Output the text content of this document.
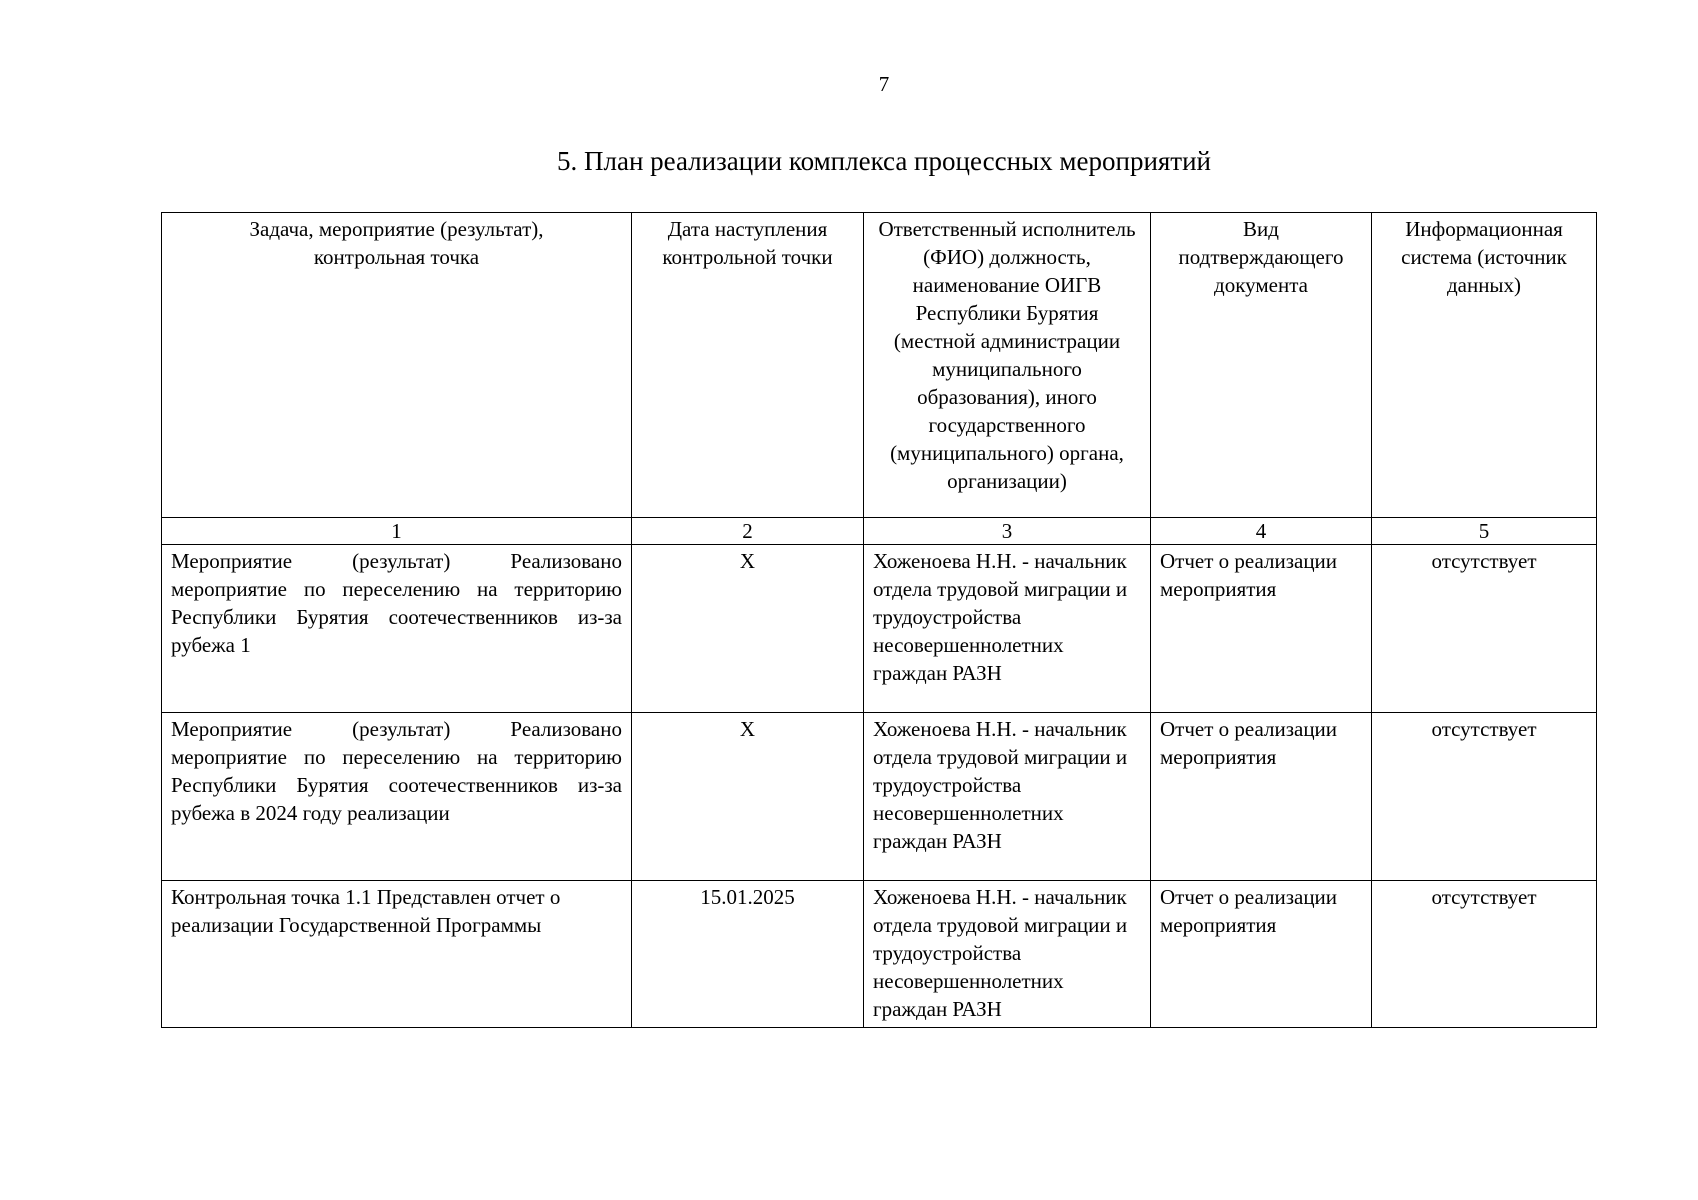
7
5. План реализации комплекса процессных мероприятий
Задача, мероприятие (результат), контрольная точка	Дата наступления контрольной точки	Ответственный исполнитель (ФИО) должность, наименование ОИГВ Республики Бурятия (местной администрации муниципального образования), иного государственного (муниципального) органа, организации)	Вид подтверждающего документа	Информационная система (источник данных)
1	2	3	4	5
Мероприятие (результат) Реализовано мероприятие по переселению на территорию Республики Бурятия соотечественников из-за рубежа 1	X	Хоженоева Н.Н. - начальник отдела трудовой миграции и трудоустройства несовершеннолетних граждан РАЗН	Отчет о реализации мероприятия	отсутствует
Мероприятие (результат) Реализовано мероприятие по переселению на территорию Республики Бурятия соотечественников из-за рубежа в 2024 году реализации	X	Хоженоева Н.Н. - начальник отдела трудовой миграции и трудоустройства несовершеннолетних граждан РАЗН	Отчет о реализации мероприятия	отсутствует
Контрольная точка 1.1 Представлен отчет о реализации Государственной Программы	15.01.2025	Хоженоева Н.Н. - начальник отдела трудовой миграции и трудоустройства несовершеннолетних граждан РАЗН	Отчет о реализации мероприятия	отсутствует
